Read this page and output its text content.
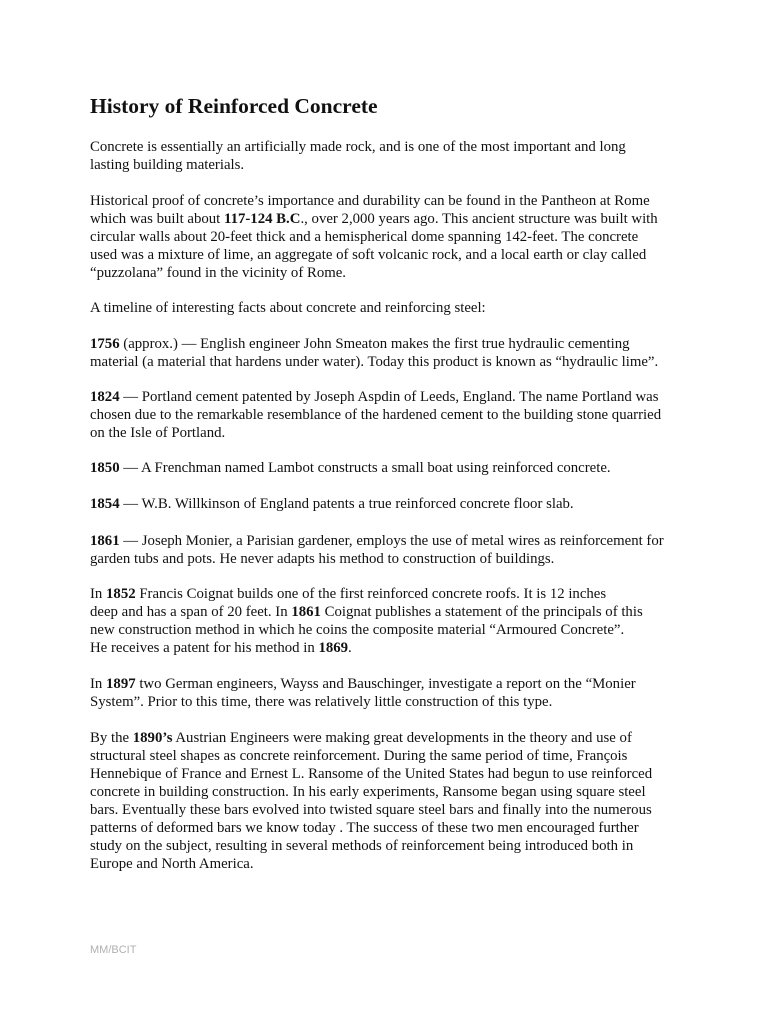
History of Reinforced Concrete
Concrete is essentially an artificially made rock, and is one of the most important and long
lasting building materials.
Historical proof of concrete’s importance and durability can be found in the Pantheon at Rome
which was built about 117-124 B.C., over 2,000 years ago. This ancient structure was built with
circular walls about 20-feet thick and a hemispherical dome spanning 142-feet. The concrete
used was a mixture of lime, an aggregate of soft volcanic rock, and a local earth or clay called
“puzzolana” found in the vicinity of Rome.
A timeline of interesting facts about concrete and reinforcing steel:
1756 (approx.) — English engineer John Smeaton makes the first true hydraulic cementing
material (a material that hardens under water). Today this product is known as “hydraulic lime”.
1824 — Portland cement patented by Joseph Aspdin of Leeds, England. The name Portland was
chosen due to the remarkable resemblance of the hardened cement to the building stone quarried
on the Isle of Portland.
1850 — A Frenchman named Lambot constructs a small boat using reinforced concrete.
1854 — W.B. Willkinson of England patents a true reinforced concrete floor slab.
1861 — Joseph Monier, a Parisian gardener, employs the use of metal wires as reinforcement for
garden tubs and pots. He never adapts his method to construction of buildings.
In 1852 Francis Coignat builds one of the first reinforced concrete roofs. It is 12 inches
deep and has a span of 20 feet. In 1861 Coignat publishes a statement of the principals of this
new construction method in which he coins the composite material “Armoured Concrete”.
He receives a patent for his method in 1869.
In 1897 two German engineers, Wayss and Bauschinger, investigate a report on the “Monier
System”. Prior to this time, there was relatively little construction of this type.
By the 1890’s Austrian Engineers were making great developments in the theory and use of
structural steel shapes as concrete reinforcement. During the same period of time, François
Hennebique of France and Ernest L. Ransome of the United States had begun to use reinforced
concrete in building construction. In his early experiments, Ransome began using square steel
bars. Eventually these bars evolved into twisted square steel bars and finally into the numerous
patterns of deformed bars we know today . The success of these two men encouraged further
study on the subject, resulting in several methods of reinforcement being introduced both in
Europe and North America.
MM/BCIT
